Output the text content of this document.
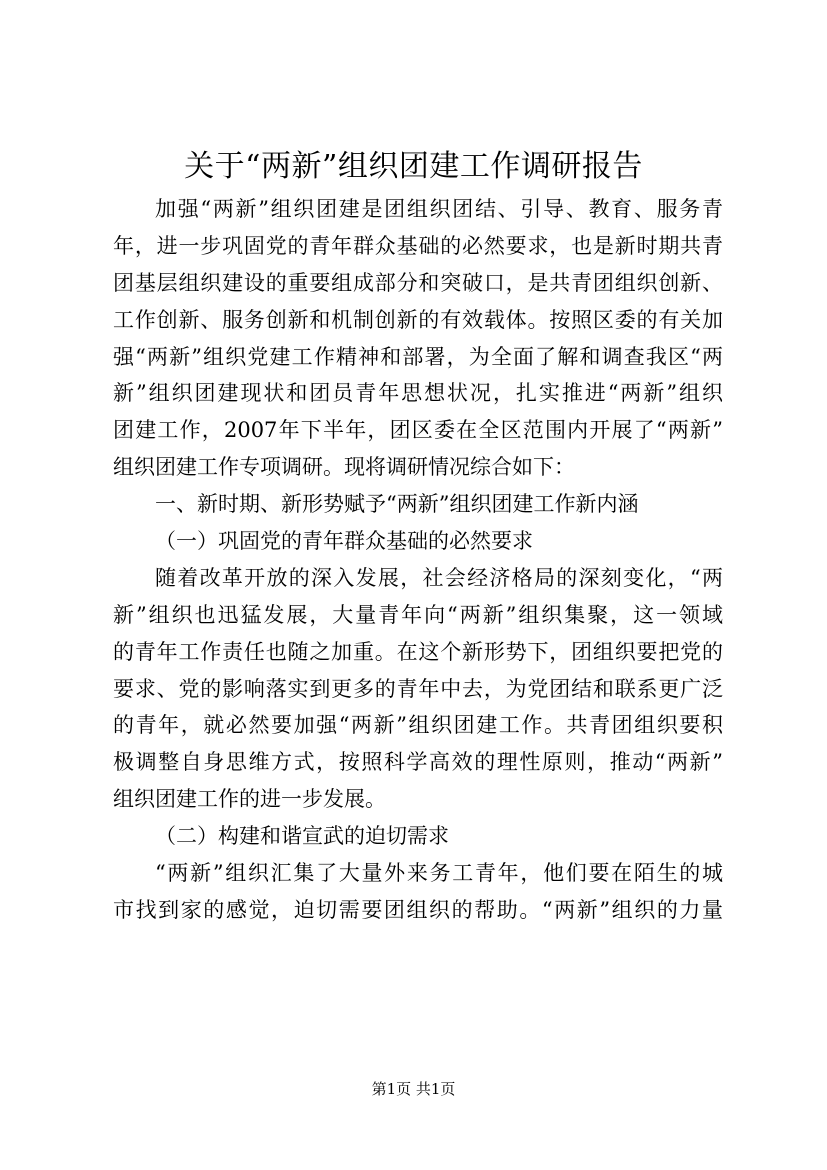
关于“两新”组织团建工作调研报告
加强“两新”组织团建是团组织团结、引导、教育、服务青
年，进一步巩固党的青年群众基础的必然要求，也是新时期共青
团基层组织建设的重要组成部分和突破口，是共青团组织创新、
工作创新、服务创新和机制创新的有效载体。按照区委的有关加
强“两新”组织党建工作精神和部署，为全面了解和调查我区“两
新”组织团建现状和团员青年思想状况，扎实推进“两新”组织
团建工作，2007年下半年，团区委在全区范围内开展了“两新”
组织团建工作专项调研。现将调研情况综合如下：
一、新时期、新形势赋予“两新”组织团建工作新内涵
（一）巩固党的青年群众基础的必然要求
随着改革开放的深入发展，社会经济格局的深刻变化，“两
新”组织也迅猛发展，大量青年向“两新”组织集聚，这一领域
的青年工作责任也随之加重。在这个新形势下，团组织要把党的
要求、党的影响落实到更多的青年中去，为党团结和联系更广泛
的青年，就必然要加强“两新”组织团建工作。共青团组织要积
极调整自身思维方式，按照科学高效的理性原则，推动“两新”
组织团建工作的进一步发展。
（二）构建和谐宣武的迫切需求
“两新”组织汇集了大量外来务工青年，他们要在陌生的城
市找到家的感觉，迫切需要团组织的帮助。“两新”组织的力量
第1页 共1页
